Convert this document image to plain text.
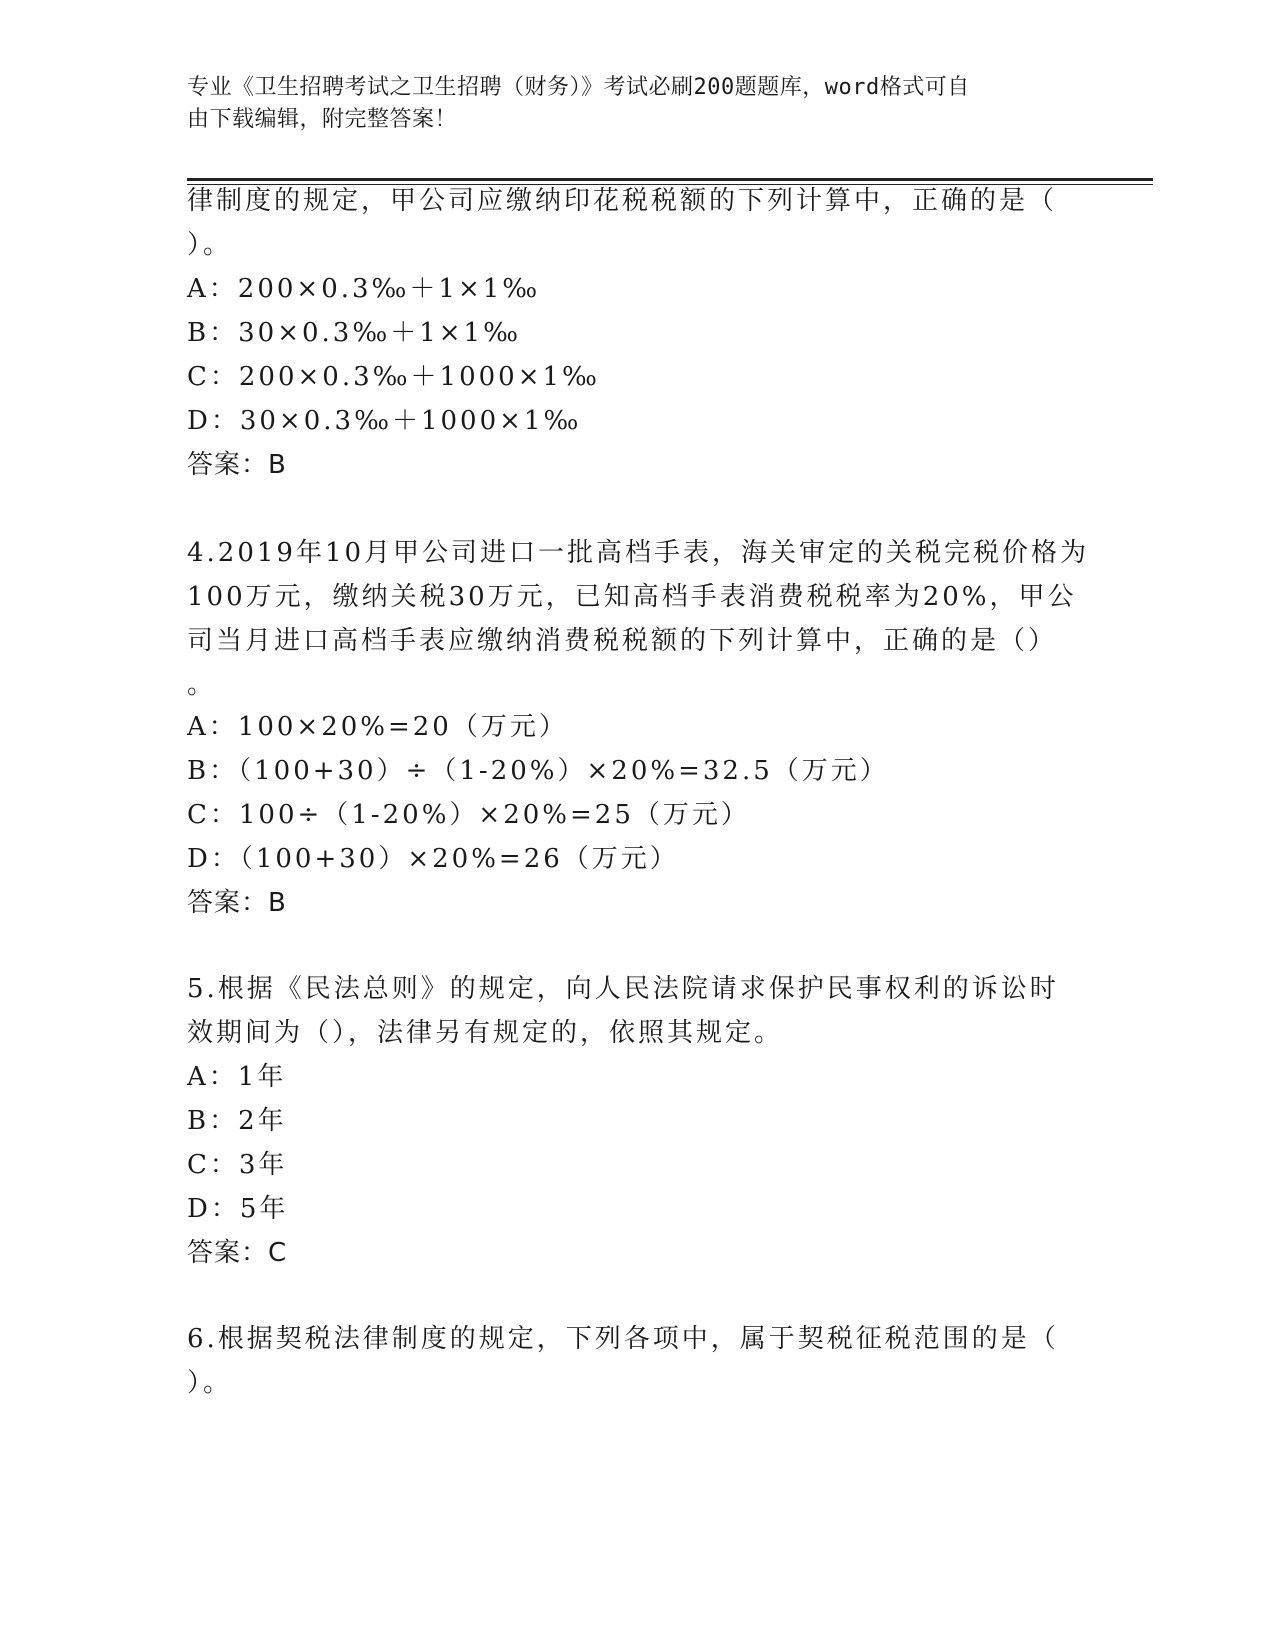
专业《卫生招聘考试之卫生招聘（财务）》考试必刷200题题库，word格式可自
由下载编辑，附完整答案！
律制度的规定，甲公司应缴纳印花税税额的下列计算中，正确的是（
）。
A：200×0.3‰＋1×1‰
B：30×0.3‰＋1×1‰
C：200×0.3‰＋1000×1‰
D：30×0.3‰＋1000×1‰
答案：B
4.2019年10月甲公司进口一批高档手表，海关审定的关税完税价格为
100万元，缴纳关税30万元，已知高档手表消费税税率为20%，甲公
司当月进口高档手表应缴纳消费税税额的下列计算中，正确的是（）
。
A：100×20%=20（万元）
B：（100+30）÷（1-20%）×20%=32.5（万元）
C：100÷（1-20%）×20%=25（万元）
D：（100+30）×20%=26（万元）
答案：B
5.根据《民法总则》的规定，向人民法院请求保护民事权利的诉讼时
效期间为（），法律另有规定的，依照其规定。
A：1年
B：2年
C：3年
D：5年
答案：C
6.根据契税法律制度的规定，下列各项中，属于契税征税范围的是（
）。
